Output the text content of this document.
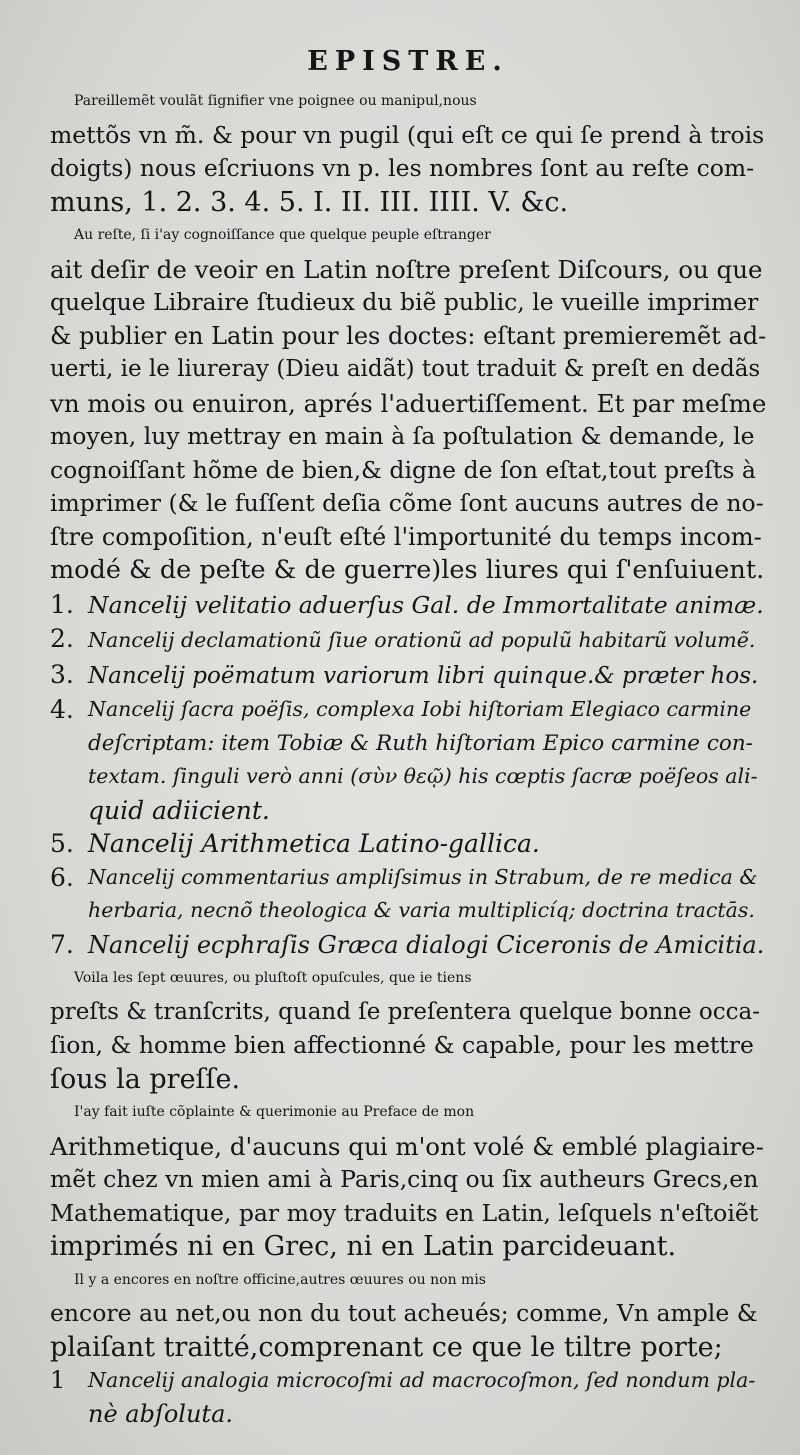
EPISTRE.

Pareillemẽt voulãt ſignifier vne poignee ou manipul,nous
mettõs vn m̃. & pour vn pugil (qui eſt ce qui ſe prend à trois
doigts) nous eſcriuons vn p. les nombres ſont au reſte com-
muns, 1. 2. 3. 4. 5. I. II. III. IIII. V. &c.

Au reſte, ſi i'ay cognoiſſance que quelque peuple eſtranger
ait deſir de veoir en Latin noſtre preſent Diſcours, ou que
quelque Libraire ſtudieux du biẽ public, le vueille imprimer
& publier en Latin pour les doctes: eſtant premieremẽt ad-
uerti, ie le liureray (Dieu aidãt) tout traduit & preſt en dedãs
vn mois ou enuiron, aprés l'aduertiſſement. Et par meſme
moyen, luy mettray en main à ſa poſtulation & demande, le
cognoiſſant hõme de bien,& digne de ſon eſtat,tout preſts à
imprimer (& le fuſſent deſia cõme ſont aucuns autres de no-
ſtre compoſition, n'euſt eſté l'importunité du temps incom-
modé & de peſte & de guerre)les liures qui ſ'enſuiuent.

1. Nancelij velitatio aduerſus Gal. de Immortalitate animæ.
2. Nancelij declamationũ ſiue orationũ ad populũ habitarũ volumẽ.
3. Nancelij poëmatum variorum libri quinque.& præter hos.
4. Nancelij ſacra poëſis, complexa Iobi hiſtoriam Elegiaco carmine
deſcriptam: item Tobiæ & Ruth hiſtoriam Epico carmine con-
textam. ſinguli verò anni (σὺν θεῷ) his cœptis ſacræ poëſeos ali-
quid adiicient.
5. Nancelij Arithmetica Latino-gallica.
6. Nancelij commentarius ampliſsimus in Strabum, de re medica &
herbaria, necnõ theologica & varia multiplicíq; doctrina tractās.
7. Nancelij ecphraſis Græca dialogi Ciceronis de Amicitia.

Voila les ſept œuures, ou pluſtoſt opuſcules, que ie tiens
preſts & tranſcrits, quand ſe preſentera quelque bonne occa-
ſion, & homme bien affectionné & capable, pour les mettre
ſous la preſſe.

I'ay fait iuſte cõplainte & querimonie au Preface de mon
Arithmetique, d'aucuns qui m'ont volé & emblé plagiaire-
mẽt chez vn mien ami à Paris,cinq ou ſix autheurs Grecs,en
Mathematique, par moy traduits en Latin, leſquels n'eſtoiẽt
imprimés ni en Grec, ni en Latin parcideuant.

Il y a encores en noſtre officine,autres œuures ou non mis
encore au net,ou non du tout acheués; comme, Vn ample &
plaiſant traitté,comprenant ce que le tiltre porte;

1 Nancelij analogia microcoſmi ad macrocoſmon, ſed nondum pla-
nè abſoluta.
